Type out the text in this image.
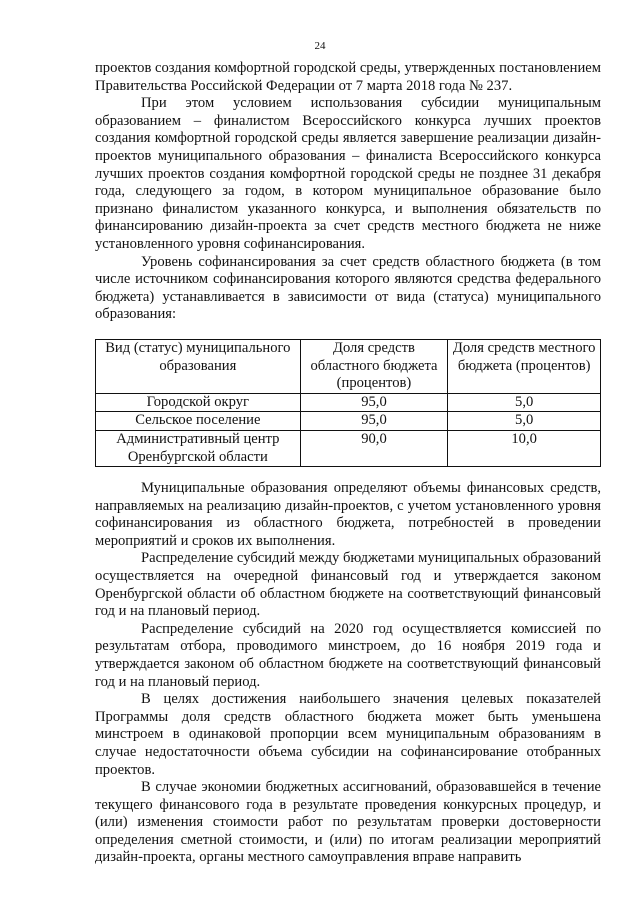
24

проектов создания комфортной городской среды, утвержденных постановлением Правительства Российской Федерации от 7 марта 2018 года № 237.

При этом условием использования субсидии муниципальным образованием – финалистом Всероссийского конкурса лучших проектов создания комфортной городской среды является завершение реализации дизайн-проектов муниципального образования – финалиста Всероссийского конкурса лучших проектов создания комфортной городской среды не позднее 31 декабря года, следующего за годом, в котором муниципальное образование было признано финалистом указанного конкурса, и выполнения обязательств по финансированию дизайн-проекта за счет средств местного бюджета не ниже установленного уровня софинансирования.

Уровень софинансирования за счет средств областного бюджета (в том числе источником софинансирования которого являются средства федерального бюджета) устанавливается в зависимости от вида (статуса) муниципального образования:

Вид (статус) муниципального образования	Доля средств областного бюджета (процентов)	Доля средств местного бюджета (процентов)
Городской округ	95,0	5,0
Сельское поселение	95,0	5,0
Административный центр Оренбургской области	90,0	10,0

Муниципальные образования определяют объемы финансовых средств, направляемых на реализацию дизайн-проектов, с учетом установленного уровня софинансирования из областного бюджета, потребностей в проведении мероприятий и сроков их выполнения.

Распределение субсидий между бюджетами муниципальных образований осуществляется на очередной финансовый год и утверждается законом Оренбургской области об областном бюджете на соответствующий финансовый год и на плановый период.

Распределение субсидий на 2020 год осуществляется комиссией по результатам отбора, проводимого минстроем, до 16 ноября 2019 года и утверждается законом об областном бюджете на соответствующий финансовый год и на плановый период.

В целях достижения наибольшего значения целевых показателей Программы доля средств областного бюджета может быть уменьшена минстроем в одинаковой пропорции всем муниципальным образованиям в случае недостаточности объема субсидии на софинансирование отобранных проектов.

В случае экономии бюджетных ассигнований, образовавшейся в течение текущего финансового года в результате проведения конкурсных процедур, и (или) изменения стоимости работ по результатам проверки достоверности определения сметной стоимости, и (или) по итогам реализации мероприятий дизайн-проекта, органы местного самоуправления вправе направить
